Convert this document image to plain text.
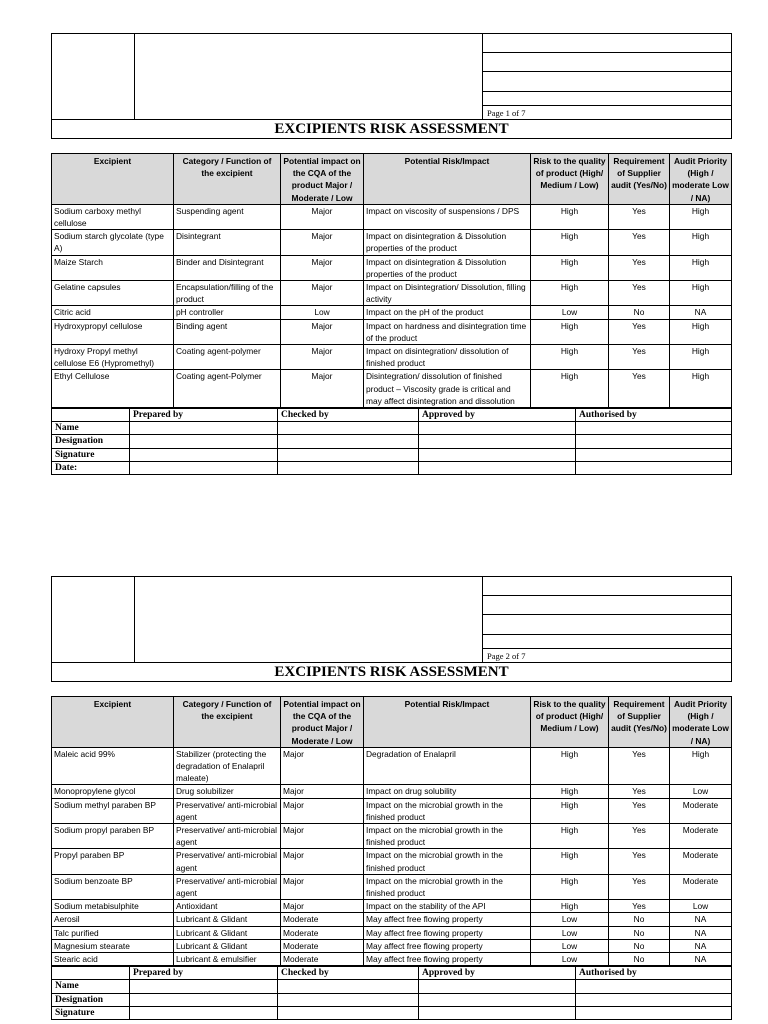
Page 1 of 7
EXCIPIENTS RISK ASSESSMENT
Excipient	Category / Function of the excipient	Potential impact on the CQA of the product Major / Moderate / Low	Potential Risk/Impact	Risk to the quality of product (High/ Medium / Low)	Requirement of Supplier audit (Yes/No)	Audit Priority (High / moderate Low / NA)
Sodium carboxy methyl cellulose	Suspending agent	Major	Impact on viscosity of suspensions / DPS	High	Yes	High
Sodium starch glycolate (type A)	Disintegrant	Major	Impact on disintegration & Dissolution properties of the product	High	Yes	High
Maize Starch	Binder and Disintegrant	Major	Impact on disintegration & Dissolution properties of the product	High	Yes	High
Gelatine capsules	Encapsulation/filling of the product	Major	Impact on Disintegration/ Dissolution, filling activity	High	Yes	High
Citric acid	pH controller	Low	Impact on the pH of the product	Low	No	NA
Hydroxypropyl cellulose	Binding agent	Major	Impact on hardness and disintegration time of the product	High	Yes	High
Hydroxy Propyl methyl cellulose E6 (Hypromethyl)	Coating agent-polymer	Major	Impact on disintegration/ dissolution of finished product	High	Yes	High
Ethyl Cellulose	Coating agent-Polymer	Major	Disintegration/ dissolution of finished product – Viscosity grade is critical and may affect disintegration and dissolution	High	Yes	High
	Prepared by	Checked by	Approved by	Authorised by
Name				
Designation				
Signature				
Date:				

Page 2 of 7
EXCIPIENTS RISK ASSESSMENT
Excipient	Category / Function of the excipient	Potential impact on the CQA of the product Major / Moderate / Low	Potential Risk/Impact	Risk to the quality of product (High/ Medium / Low)	Requirement of Supplier audit (Yes/No)	Audit Priority (High / moderate Low / NA)
Maleic acid 99%	Stabilizer (protecting the degradation of Enalapril maleate)	Major	Degradation of Enalapril	High	Yes	High
Monopropylene glycol	Drug solubilizer	Major	Impact on drug solubility	High	Yes	Low
Sodium methyl paraben BP	Preservative/ anti-microbial agent	Major	Impact on the microbial growth in the finished product	High	Yes	Moderate
Sodium propyl paraben BP	Preservative/ anti-microbial agent	Major	Impact on the microbial growth in the finished product	High	Yes	Moderate
Propyl paraben BP	Preservative/ anti-microbial agent	Major	Impact on the microbial growth in the finished product	High	Yes	Moderate
Sodium benzoate BP	Preservative/ anti-microbial agent	Major	Impact on the microbial growth in the finished product	High	Yes	Moderate
Sodium metabisulphite	Antioxidant	Major	Impact on the stability of the API	High	Yes	Low
Aerosil	Lubricant & Glidant	Moderate	May affect free flowing property	Low	No	NA
Talc purified	Lubricant & Glidant	Moderate	May affect free flowing property	Low	No	NA
Magnesium stearate	Lubricant & Glidant	Moderate	May affect free flowing property	Low	No	NA
Stearic acid	Lubricant & emulsifier	Moderate	May affect free flowing property	Low	No	NA
	Prepared by	Checked by	Approved by	Authorised by
Name				
Designation				
Signature				
